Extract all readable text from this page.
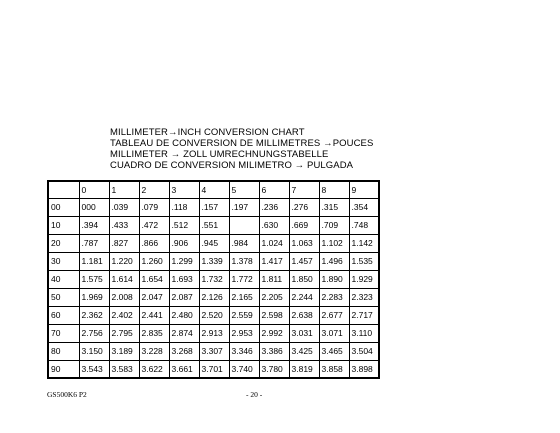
MILLIMETER→INCH CONVERSION CHART
TABLEAU DE CONVERSION DE MILLIMETRES →POUCES
MILLIMETER → ZOLL UMRECHNUNGSTABELLE
CUADRO DE CONVERSION MILIMETRO → PULGADA
	0	1	2	3	4	5	6	7	8	9
00	000	.039	.079	.118	.157	.197	.236	.276	.315	.354
10	.394	.433	.472	.512	.551		.630	.669	.709	.748
20	.787	.827	.866	.906	.945	.984	1.024	1.063	1.102	1.142
30	1.181	1.220	1.260	1.299	1.339	1.378	1.417	1.457	1.496	1.535
40	1.575	1.614	1.654	1.693	1.732	1.772	1.811	1.850	1.890	1.929
50	1.969	2.008	2.047	2.087	2.126	2.165	2.205	2.244	2.283	2.323
60	2.362	2.402	2.441	2.480	2.520	2.559	2.598	2.638	2.677	2.717
70	2.756	2.795	2.835	2.874	2.913	2.953	2.992	3.031	3.071	3.110
80	3.150	3.189	3.228	3.268	3.307	3.346	3.386	3.425	3.465	3.504
90	3.543	3.583	3.622	3.661	3.701	3.740	3.780	3.819	3.858	3.898
GS500K6 P2	- 20 -
